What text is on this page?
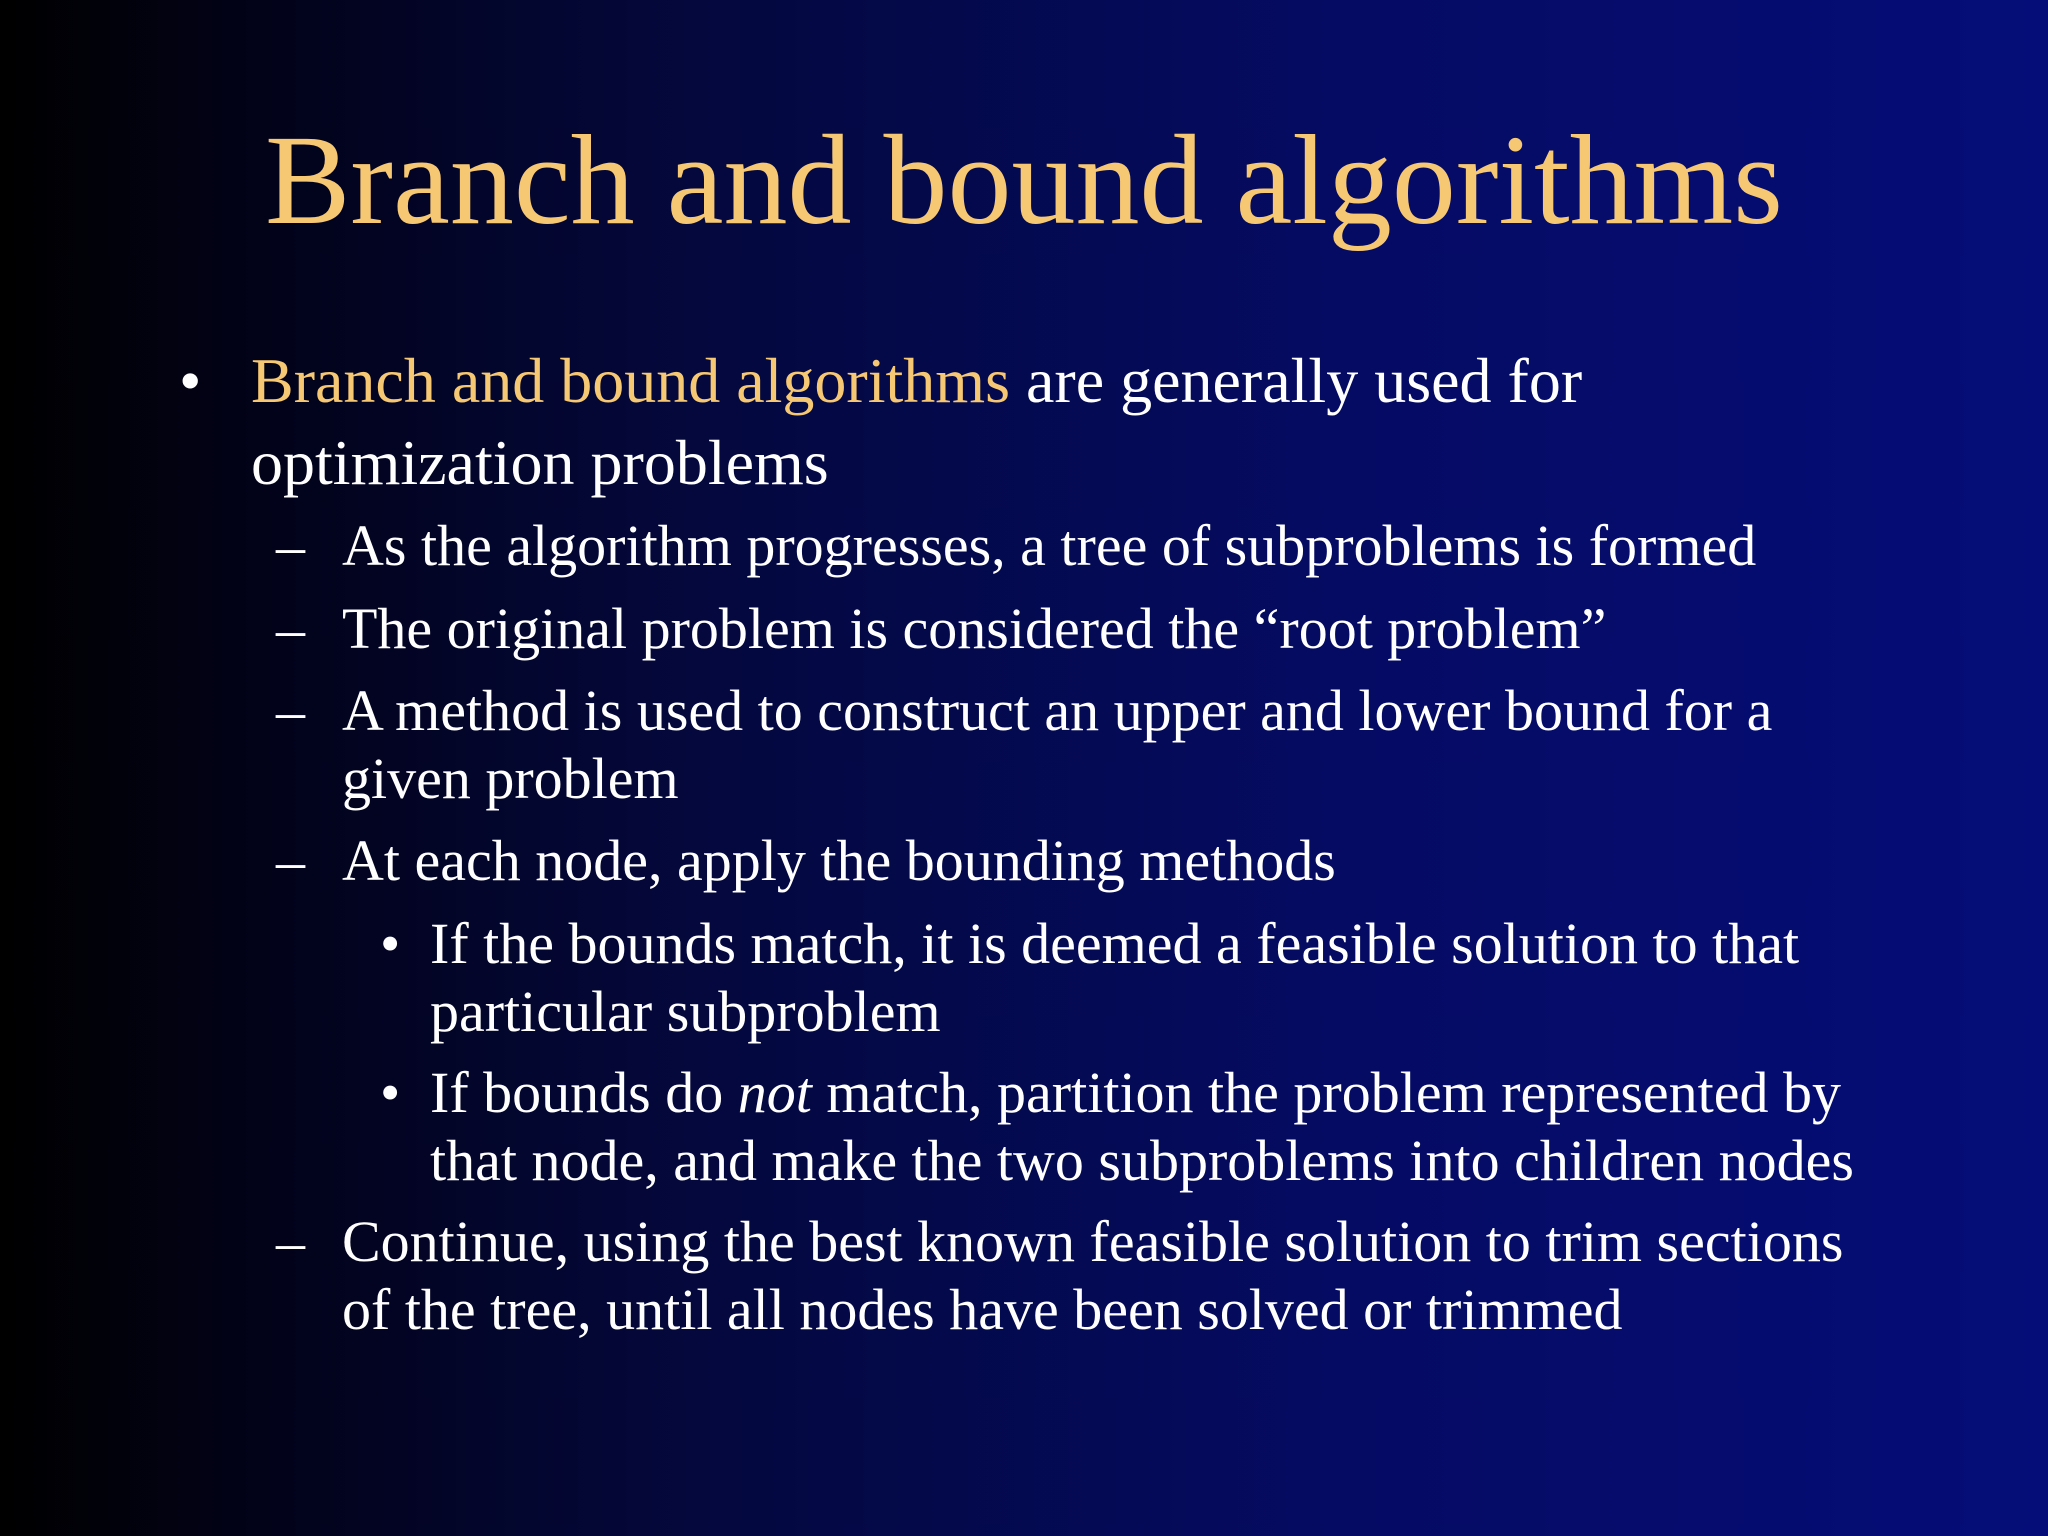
Branch and bound algorithms

• Branch and bound algorithms are generally used for optimization problems

– As the algorithm progresses, a tree of subproblems is formed

– The original problem is considered the “root problem”

– A method is used to construct an upper and lower bound for a given problem

– At each node, apply the bounding methods

• If the bounds match, it is deemed a feasible solution to that particular subproblem

• If bounds do not match, partition the problem represented by that node, and make the two subproblems into children nodes

– Continue, using the best known feasible solution to trim sections of the tree, until all nodes have been solved or trimmed
